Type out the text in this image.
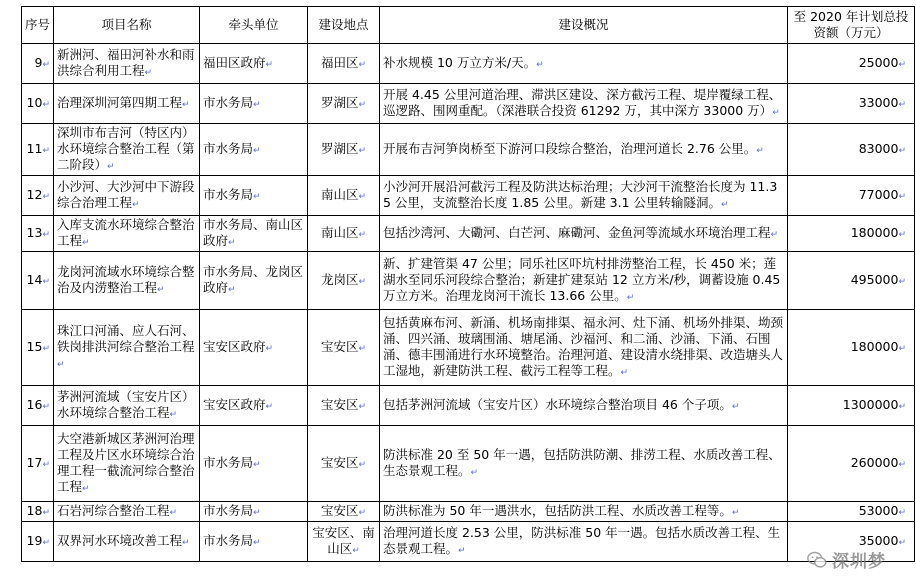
序号	项目名称	牵头单位	建设地点	建设概况	至 2020 年计划总投资额（万元）
9↵	新洲河、福田河补水和雨洪综合利用工程↵	福田区政府↵	福田区↵	补水规模 10 万立方米/天。↵	25000↵
10↵	治理深圳河第四期工程↵	市水务局↵	罗湖区↵	开展 4.45 公里河道治理、滞洪区建设、深方截污工程、堤岸覆绿工程、巡逻路、围网重配。（深港联合投资 61292 万，其中深方 33000 万）↵	33000↵
11↵	深圳市布吉河（特区内）水环境综合整治工程（第二阶段）↵	市水务局↵	罗湖区↵	开展布吉河笋岗桥至下游河口段综合整治，治理河道长 2.76 公里。↵	83000↵
12↵	小沙河、大沙河中下游段综合治理工程↵	市水务局↵	南山区↵	小沙河开展沿河截污工程及防洪达标治理；大沙河干流整治长度为 11.35 公里，支流整治长度 1.85 公里。新建 3.1 公里转输隧洞。↵	77000↵
13↵	入库支流水环境综合整治工程↵	市水务局、南山区政府↵	南山区↵	包括沙湾河、大磡河、白芒河、麻磡河、金鱼河等流域水环境治理工程↵	180000↵
14↵	龙岗河流域水环境综合整治及内涝整治工程↵	市水务局、龙岗区政府↵	龙岗区↵	新、扩建管渠 47 公里；同乐社区吓坑村排涝整治工程，长 450 米；莲湖水至同乐河段综合整治；新建扩建泵站 12 立方米/秒，调蓄设施 0.45 万立方米。治理龙岗河干流长 13.66 公里。↵	495000↵
15↵	珠江口河涌、应人石河、铁岗排洪河综合整治工程↵	宝安区政府↵	宝安区↵	包括黄麻布河、新涌、机场南排渠、福永河、灶下涌、机场外排渠、坳颈涌、四兴涌、玻璃围涌、塘尾涌、沙福河、和二涌、沙涌、下涌、石围涌、德丰围涌进行水环境整治。治理河道、建设清水绕排渠、改造塘头人工湿地，新建防洪工程、截污工程等工程。↵	180000↵
16↵	茅洲河流域（宝安片区）水环境综合整治工程↵	宝安区政府↵	宝安区↵	包括茅洲河流域（宝安片区）水环境综合整治项目 46 个子项。↵	1300000↵
17↵	大空港新城区茅洲河治理工程及片区水环境综合治理工程一截流河综合整治工程↵	市水务局↵	宝安区↵	防洪标准 20 至 50 年一遇，包括防洪防潮、排涝工程、水质改善工程、生态景观工程。↵	260000↵
18↵	石岩河综合整治工程↵	市水务局↵	宝安区↵	防洪标准为 50 年一遇洪水，包括防洪工程、水质改善工程等。↵	53000↵
19↵	双界河水环境改善工程↵	市水务局↵	宝安区、南山区↵	治理河道长度 2.53 公里，防洪标准 50 年一遇。包括水质改善工程、生态景观工程。↵	35000↵
深圳梦
